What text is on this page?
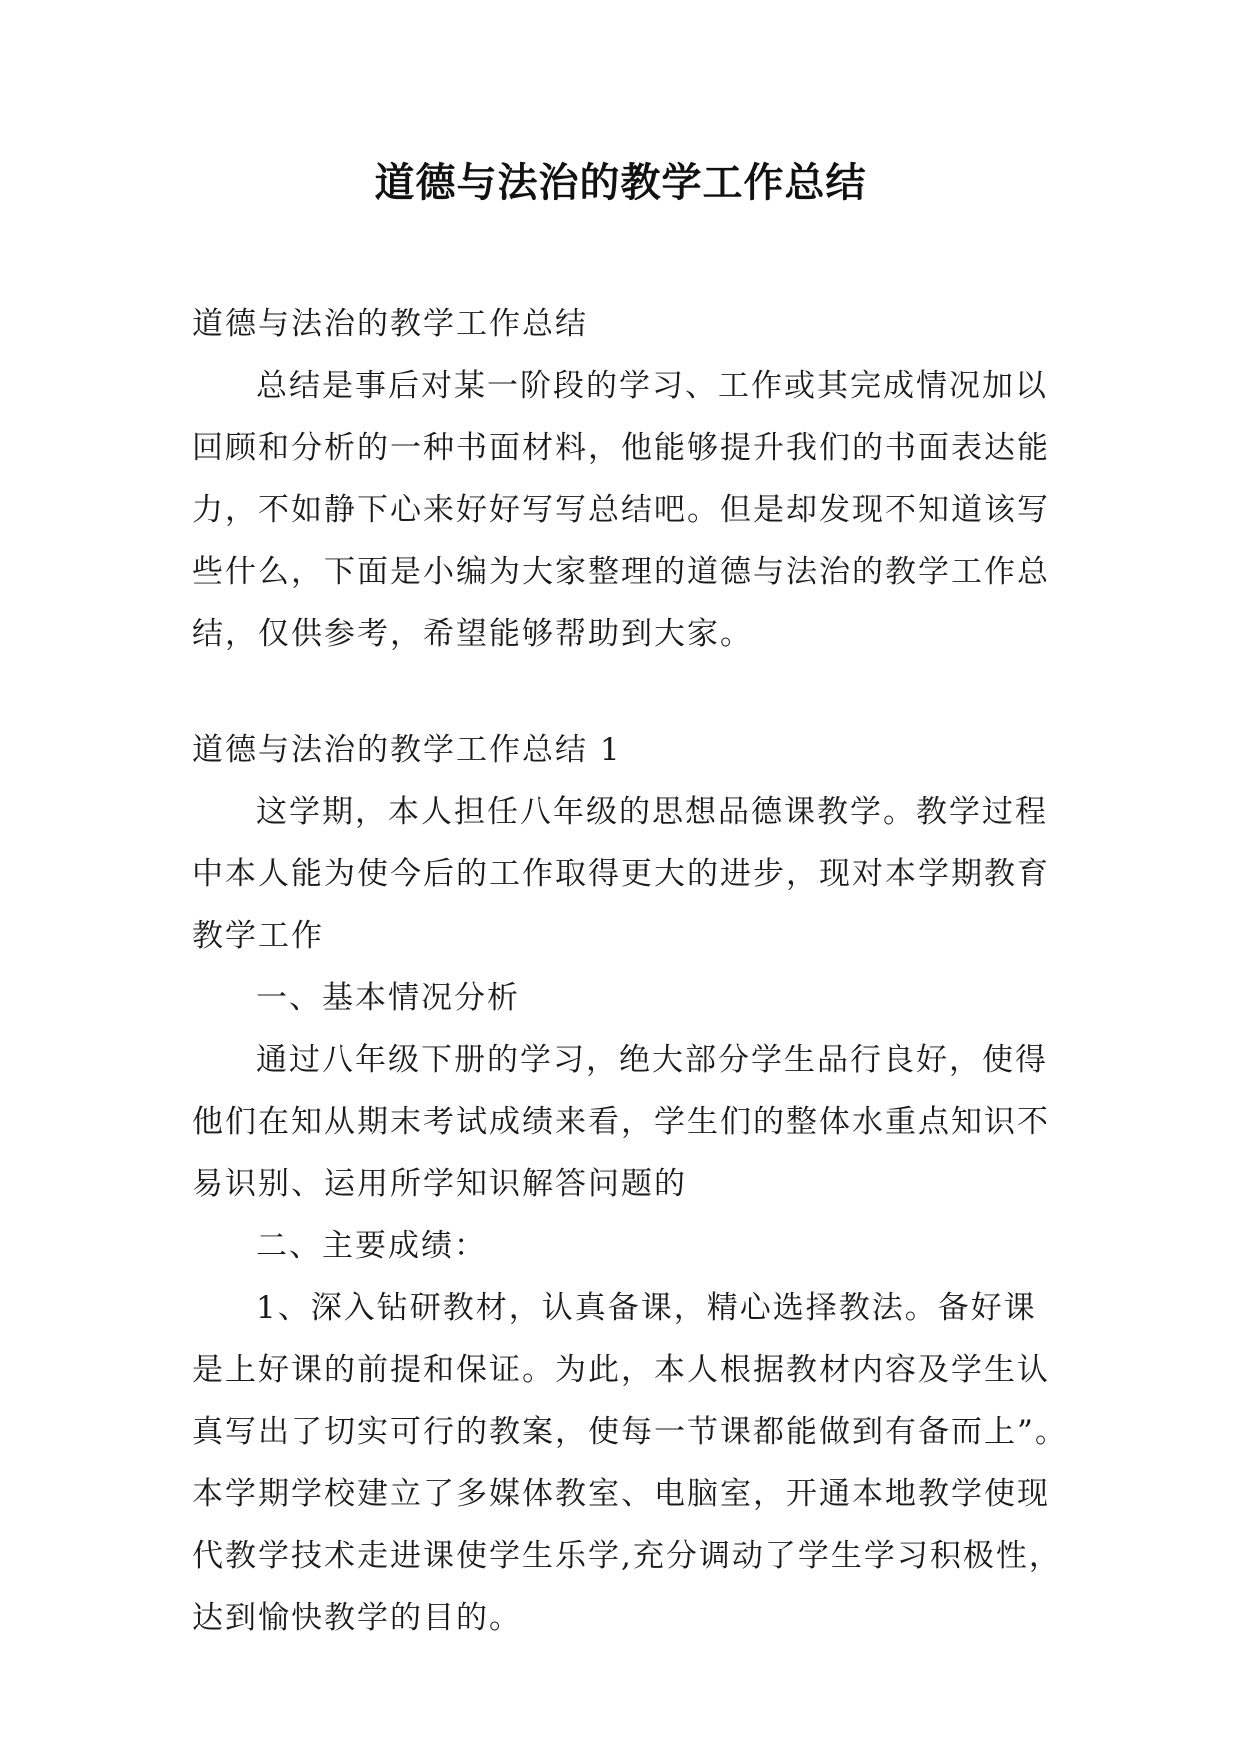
道德与法治的教学工作总结
道德与法治的教学工作总结
总结是事后对某一阶段的学习、工作或其完成情况加以
回顾和分析的一种书面材料，他能够提升我们的书面表达能
力，不如静下心来好好写写总结吧。但是却发现不知道该写
些什么，下面是小编为大家整理的道德与法治的教学工作总
结，仅供参考，希望能够帮助到大家。
道德与法治的教学工作总结 1
这学期，本人担任八年级的思想品德课教学。教学过程
中本人能为使今后的工作取得更大的进步，现对本学期教育
教学工作
一、基本情况分析
通过八年级下册的学习，绝大部分学生品行良好，使得
他们在知从期末考试成绩来看，学生们的整体水重点知识不
易识别、运用所学知识解答问题的
二、主要成绩：
1、深入钻研教材，认真备课，精心选择教法。备好课
是上好课的前提和保证。为此，本人根据教材内容及学生认
真写出了切实可行的教案，使每一节课都能做到有备而上”。
本学期学校建立了多媒体教室、电脑室，开通本地教学使现
代教学技术走进课使学生乐学,充分调动了学生学习积极性，
达到愉快教学的目的。
